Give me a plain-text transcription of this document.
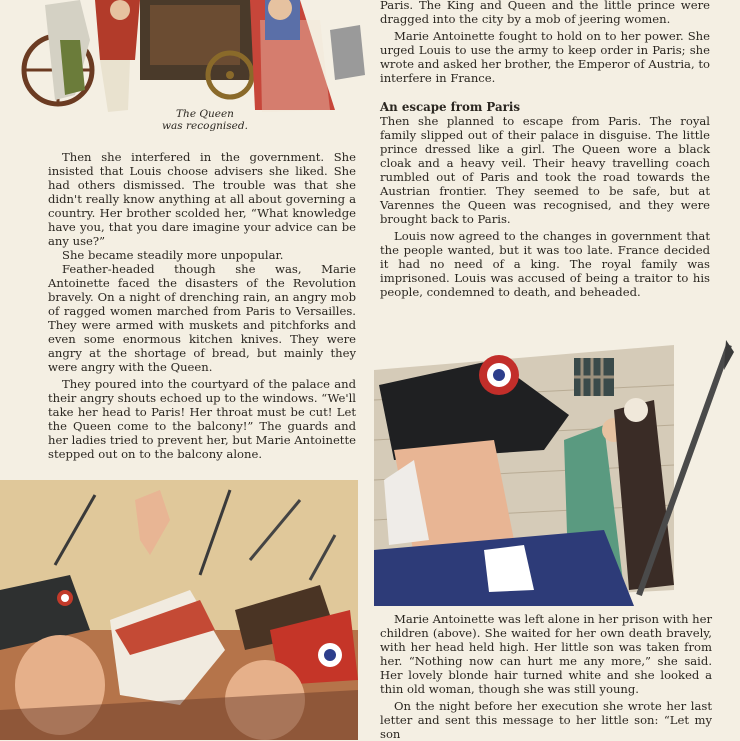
The Queen
was recognised.

Then she interfered in the government. She insisted that Louis choose advisers she liked. She had others dismissed. The trouble was that she didn't really know anything at all about governing a country. Her brother scolded her, “What knowledge have you, that you dare imagine your advice can be any use?”

She became steadily more unpopular.

Feather-headed though she was, Marie Antoinette faced the disasters of the Revolution bravely. On a night of drenching rain, an angry mob of ragged women marched from Paris to Versailles. They were armed with muskets and pitchforks and even some enormous kitchen knives. They were angry at the shortage of bread, but mainly they were angry with the Queen.

They poured into the courtyard of the palace and their angry shouts echoed up to the windows. “We'll take her head to Paris! Her throat must be cut! Let the Queen come to the balcony!” The guards and her ladies tried to prevent her, but Marie Antoinette stepped out on to the balcony alone.

Paris. The King and Queen and the little prince were dragged into the city by a mob of jeering women.

Marie Antoinette fought to hold on to her power. She urged Louis to use the army to keep order in Paris; she wrote and asked her brother, the Emperor of Austria, to interfere in France.

An escape from Paris

Then she planned to escape from Paris. The royal family slipped out of their palace in disguise. The little prince dressed like a girl. The Queen wore a black cloak and a heavy veil. Their heavy travelling coach rumbled out of Paris and took the road towards the Austrian frontier. They seemed to be safe, but at Varennes the Queen was recognised, and they were brought back to Paris.

Louis now agreed to the changes in government that the people wanted, but it was too late. France decided it had no need of a king. The royal family was imprisoned. Louis was accused of being a traitor to his people, condemned to death, and beheaded.

Marie Antoinette was left alone in her prison with her children (above). She waited for her own death bravely, with her head held high. Her little son was taken from her. “Nothing now can hurt me any more,” she said. Her lovely blonde hair turned white and she looked a thin old woman, though she was still young.

On the night before her execution she wrote her last letter and sent this message to her little son: “Let my son
